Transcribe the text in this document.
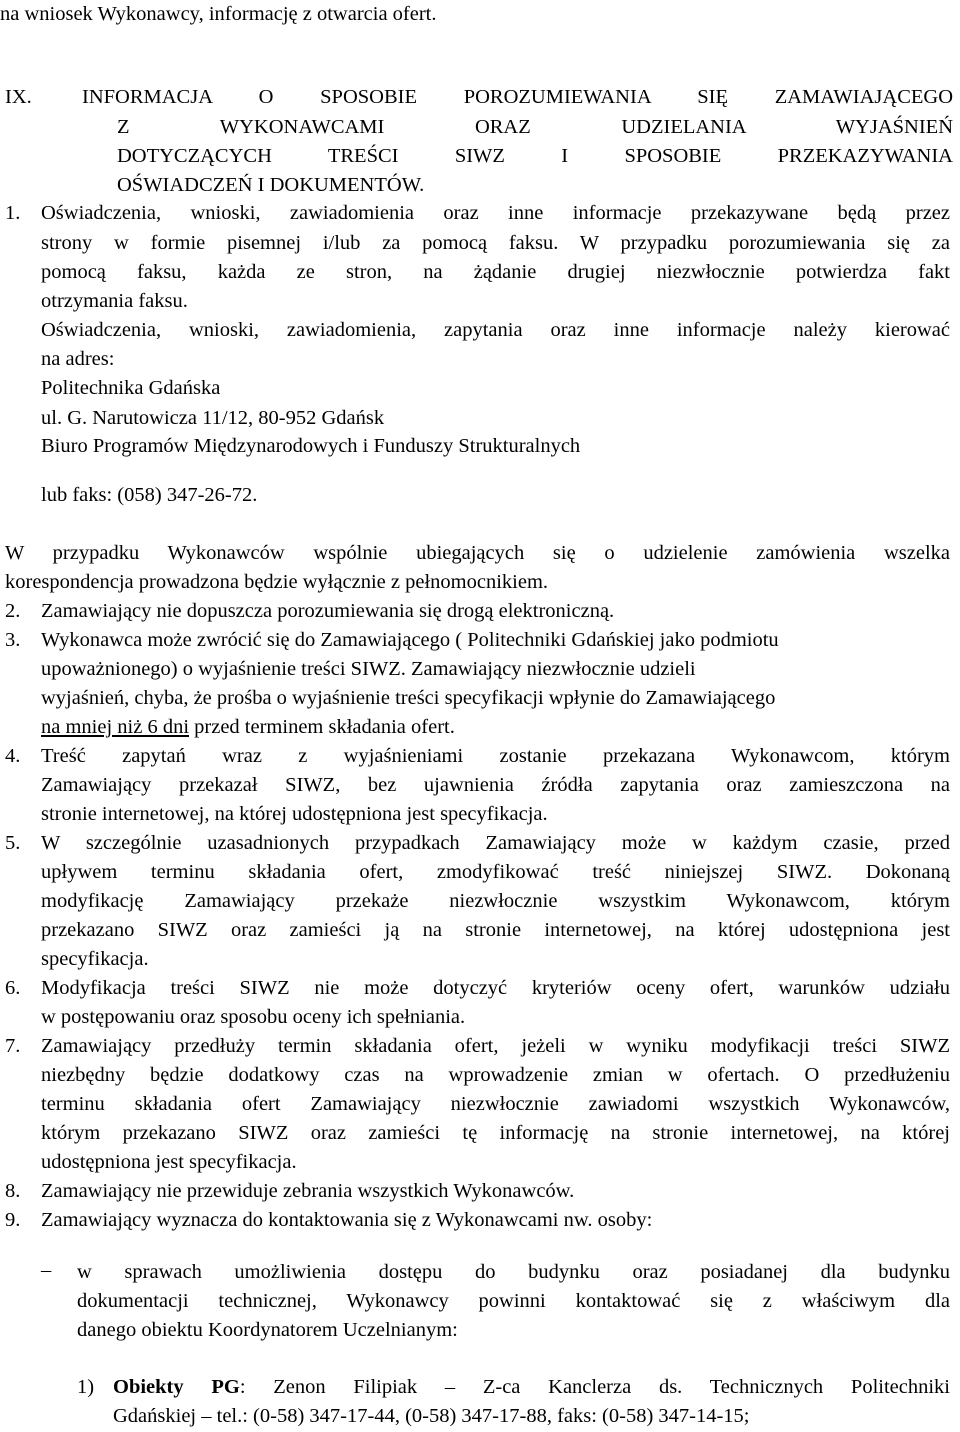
na wniosek Wykonawcy, informację z otwarcia ofert.
IX. INFORMACJA O SPOSOBIE POROZUMIEWANIA SIĘ ZAMAWIAJĄCEGO
Z WYKONAWCAMI ORAZ UDZIELANIA WYJAŚNIEŃ
DOTYCZĄCYCH TREŚCI SIWZ I SPOSOBIE PRZEKAZYWANIA
OŚWIADCZEŃ I DOKUMENTÓW.
1. Oświadczenia, wnioski, zawiadomienia oraz inne informacje przekazywane będą przez
strony w formie pisemnej i/lub za pomocą faksu. W przypadku porozumiewania się za
pomocą faksu, każda ze stron, na żądanie drugiej niezwłocznie potwierdza fakt
otrzymania faksu.
Oświadczenia, wnioski, zawiadomienia, zapytania oraz inne informacje należy kierować
na adres:
Politechnika Gdańska
ul. G. Narutowicza 11/12, 80-952 Gdańsk
Biuro Programów Międzynarodowych i Funduszy Strukturalnych
lub faks: (058) 347-26-72.
W przypadku Wykonawców wspólnie ubiegających się o udzielenie zamówienia wszelka
korespondencja prowadzona będzie wyłącznie z pełnomocnikiem.
2. Zamawiający nie dopuszcza porozumiewania się drogą elektroniczną.
3. Wykonawca może zwrócić się do Zamawiającego ( Politechniki Gdańskiej jako podmiotu
upoważnionego) o wyjaśnienie treści SIWZ. Zamawiający niezwłocznie udzieli
wyjaśnień, chyba, że prośba o wyjaśnienie treści specyfikacji wpłynie do Zamawiającego
na mniej niż 6 dni przed terminem składania ofert.
4. Treść zapytań wraz z wyjaśnieniami zostanie przekazana Wykonawcom, którym
Zamawiający przekazał SIWZ, bez ujawnienia źródła zapytania oraz zamieszczona na
stronie internetowej, na której udostępniona jest specyfikacja.
5. W szczególnie uzasadnionych przypadkach Zamawiający może w każdym czasie, przed
upływem terminu składania ofert, zmodyfikować treść niniejszej SIWZ. Dokonaną
modyfikację Zamawiający przekaże niezwłocznie wszystkim Wykonawcom, którym
przekazano SIWZ oraz zamieści ją na stronie internetowej, na której udostępniona jest
specyfikacja.
6. Modyfikacja treści SIWZ nie może dotyczyć kryteriów oceny ofert, warunków udziału
w postępowaniu oraz sposobu oceny ich spełniania.
7. Zamawiający przedłuży termin składania ofert, jeżeli w wyniku modyfikacji treści SIWZ
niezbędny będzie dodatkowy czas na wprowadzenie zmian w ofertach. O przedłużeniu
terminu składania ofert Zamawiający niezwłocznie zawiadomi wszystkich Wykonawców,
którym przekazano SIWZ oraz zamieści tę informację na stronie internetowej, na której
udostępniona jest specyfikacja.
8. Zamawiający nie przewiduje zebrania wszystkich Wykonawców.
9. Zamawiający wyznacza do kontaktowania się z Wykonawcami nw. osoby:
– w sprawach umożliwienia dostępu do budynku oraz posiadanej dla budynku
dokumentacji technicznej, Wykonawcy powinni kontaktować się z właściwym dla
danego obiektu Koordynatorem Uczelnianym:
1) Obiekty PG: Zenon Filipiak – Z-ca Kanclerza ds. Technicznych Politechniki
Gdańskiej – tel.: (0-58) 347-17-44, (0-58) 347-17-88, faks: (0-58) 347-14-15;
